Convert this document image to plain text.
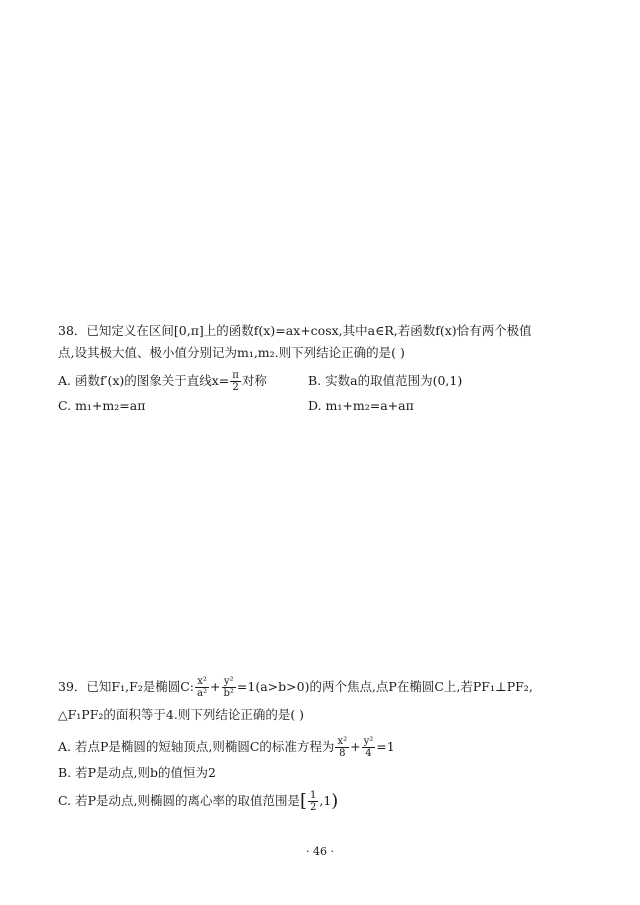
38．已知定义在区间[0,π]上的函数f(x)=ax+cosx,其中a∈R,若函数f(x)恰有两个极值
点,设其极大值、极小值分别记为m₁,m₂.则下列结论正确的是( )
A. 函数f′(x)的图象关于直线$x= \frac{\pi}{2}$ 对称	B. 实数a的取值范围为(0,1)
C. m₁+m₂=aπ	D. m₁+m₂=a+aπ
39．已知F₁,F₂是椭圆C: $\frac{\text{x²}}{\text{a²}} + \frac{\text{y²}}{\text{b²}} =1(a>b>0)$的两个焦点,点P在椭圆C上,若PF₁⊥PF₂,
△F₁PF₂的面积等于4.则下列结论正确的是( )
A. 若点P是椭圆的短轴顶点,则椭圆C的标准方程为 $\frac{\text{x²}}{8} + \frac{\text{y²}}{4} =1$
B. 若P是动点,则b的值恒为2
C. 若P是动点,则椭圆的离心率的取值范围是[ $\frac{1}{2} ,1$)
· 46 ·
